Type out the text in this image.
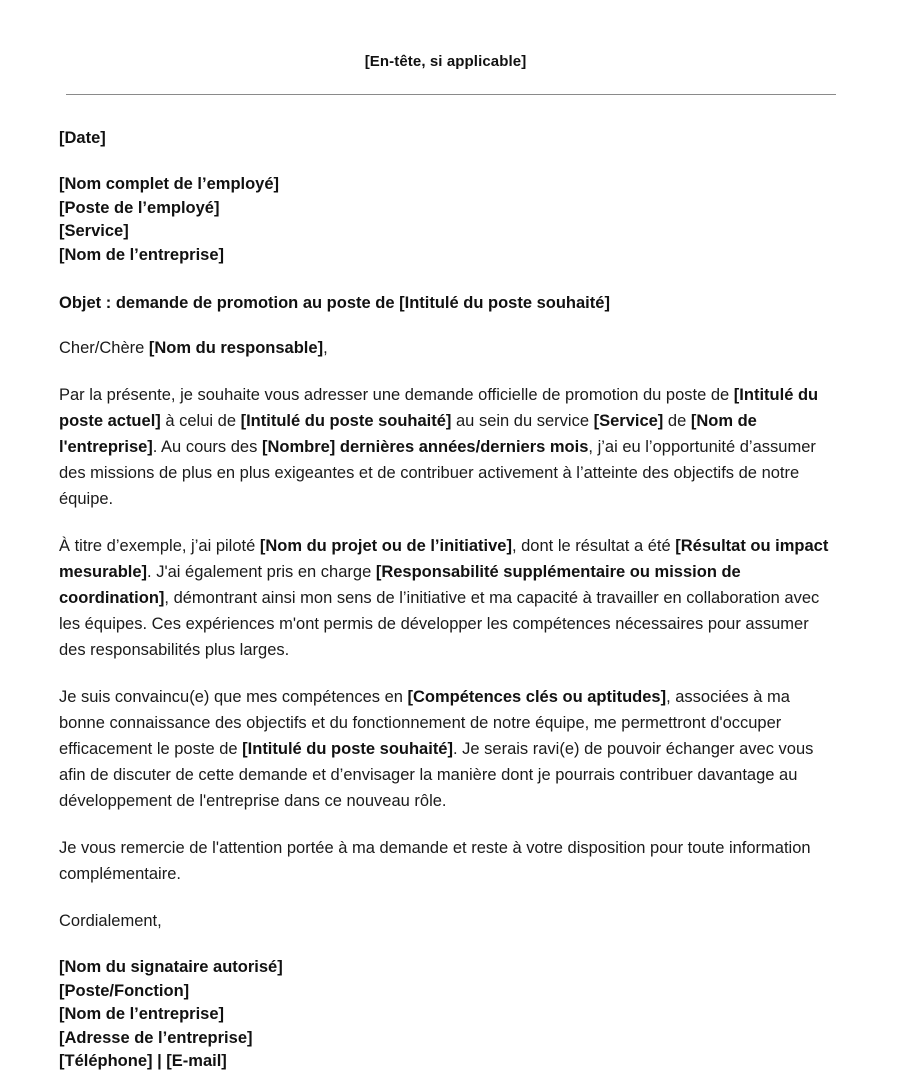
[En-tête, si applicable]
[Date]
[Nom complet de l’employé]
[Poste de l’employé]
[Service]
[Nom de l’entreprise]
Objet : demande de promotion au poste de [Intitulé du poste souhaité]
Cher/Chère [Nom du responsable],
Par la présente, je souhaite vous adresser une demande officielle de promotion du poste de [Intitulé du poste actuel] à celui de [Intitulé du poste souhaité] au sein du service [Service] de [Nom de l'entreprise]. Au cours des [Nombre] dernières années/derniers mois, j’ai eu l’opportunité d’assumer des missions de plus en plus exigeantes et de contribuer activement à l’atteinte des objectifs de notre équipe.
À titre d’exemple, j’ai piloté [Nom du projet ou de l’initiative], dont le résultat a été [Résultat ou impact mesurable]. J'ai également pris en charge [Responsabilité supplémentaire ou mission de coordination], démontrant ainsi mon sens de l’initiative et ma capacité à travailler en collaboration avec les équipes. Ces expériences m'ont permis de développer les compétences nécessaires pour assumer des responsabilités plus larges.
Je suis convaincu(e) que mes compétences en [Compétences clés ou aptitudes], associées à ma bonne connaissance des objectifs et du fonctionnement de notre équipe, me permettront d'occuper efficacement le poste de [Intitulé du poste souhaité]. Je serais ravi(e) de pouvoir échanger avec vous afin de discuter de cette demande et d’envisager la manière dont je pourrais contribuer davantage au développement de l'entreprise dans ce nouveau rôle.
Je vous remercie de l'attention portée à ma demande et reste à votre disposition pour toute information complémentaire.
Cordialement,
[Nom du signataire autorisé]
[Poste/Fonction]
[Nom de l’entreprise]
[Adresse de l’entreprise]
[Téléphone] | [E-mail]
